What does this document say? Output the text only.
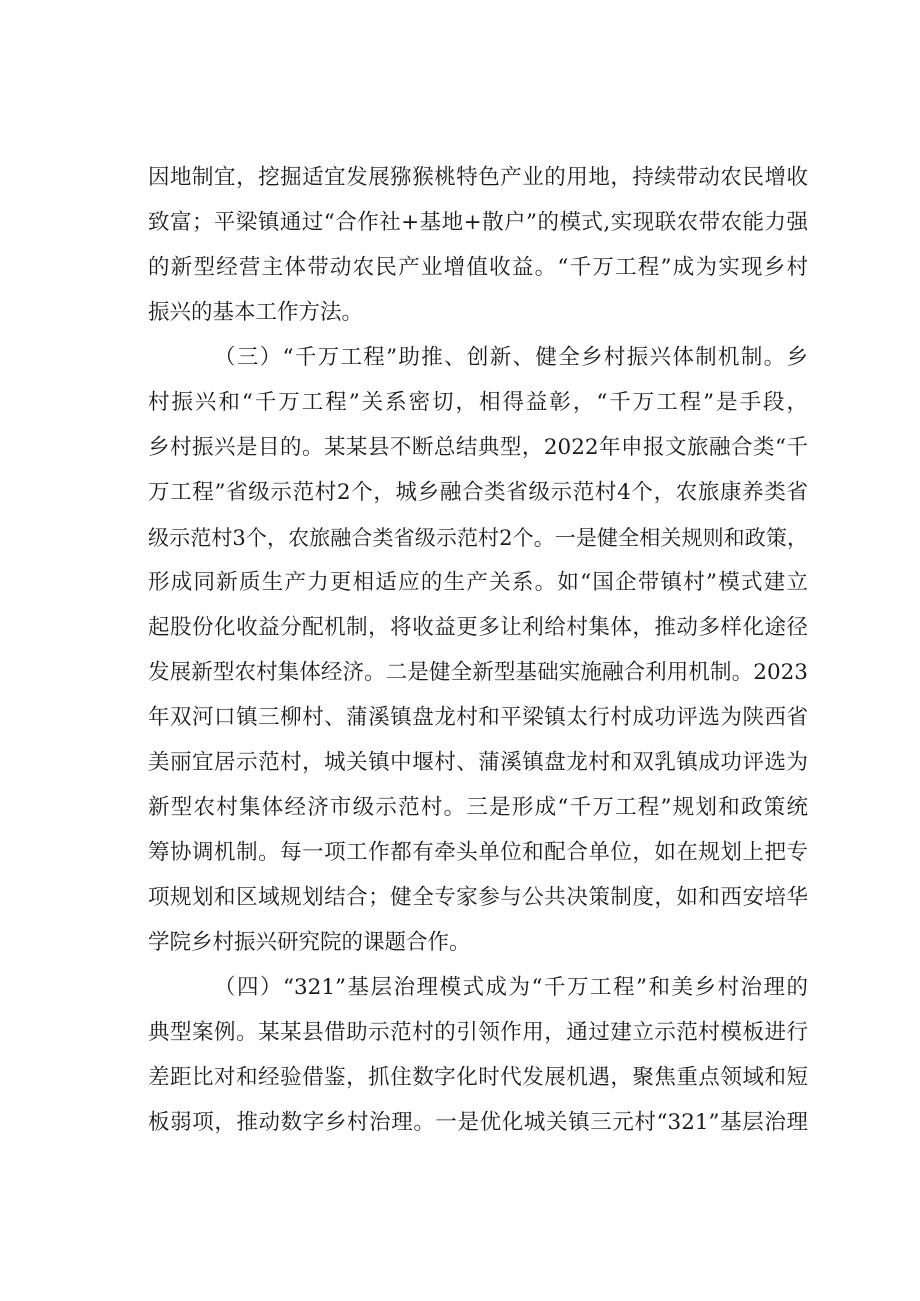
因地制宜，挖掘适宜发展猕猴桃特色产业的用地，持续带动农民增收
致富；平梁镇通过“合作社+基地+散户”的模式,实现联农带农能力强
的新型经营主体带动农民产业增值收益。“千万工程”成为实现乡村
振兴的基本工作方法。
（三）“千万工程”助推、创新、健全乡村振兴体制机制。乡
村振兴和“千万工程”关系密切，相得益彰，“千万工程”是手段，
乡村振兴是目的。某某县不断总结典型，2022年申报文旅融合类“千
万工程”省级示范村2个，城乡融合类省级示范村4个，农旅康养类省
级示范村3个，农旅融合类省级示范村2个。一是健全相关规则和政策，
形成同新质生产力更相适应的生产关系。如“国企带镇村”模式建立
起股份化收益分配机制，将收益更多让利给村集体，推动多样化途径
发展新型农村集体经济。二是健全新型基础实施融合利用机制。2023
年双河口镇三柳村、蒲溪镇盘龙村和平梁镇太行村成功评选为陕西省
美丽宜居示范村，城关镇中堰村、蒲溪镇盘龙村和双乳镇成功评选为
新型农村集体经济市级示范村。三是形成“千万工程”规划和政策统
筹协调机制。每一项工作都有牵头单位和配合单位，如在规划上把专
项规划和区域规划结合；健全专家参与公共决策制度，如和西安培华
学院乡村振兴研究院的课题合作。
（四）“321”基层治理模式成为“千万工程”和美乡村治理的
典型案例。某某县借助示范村的引领作用，通过建立示范村模板进行
差距比对和经验借鉴，抓住数字化时代发展机遇，聚焦重点领域和短
板弱项，推动数字乡村治理。一是优化城关镇三元村“321”基层治理
